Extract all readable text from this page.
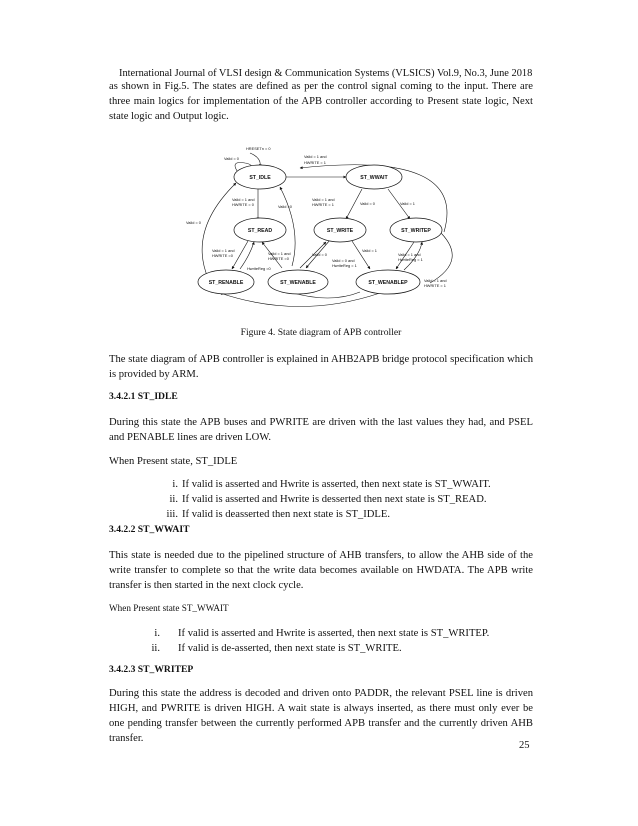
International Journal of VLSI design & Communication Systems (VLSICS) Vol.9, No.3, June 2018
as shown in Fig.5. The states are defined as per the control signal coming to the input. There are three main logics for implementation of the APB controller according to Present state logic, Next state logic and Output logic.
ST_IDLE	ST_WWAIT
ST_READ	ST_WRITE	ST_WRITEP
ST_RENABLE	ST_WENABLE	ST_WENABLEP
HRESETn = 0
Valid = 0	Valid = 1 and
HWRITE = 1
Valid = 1 and
HWRITE = 0	Valid =0
Valid = 0
Valid = 1 and
HWRITE = 1	Valid = 0	Valid = 1
Valid = 1 and
HWRITE =0	Valid = 1 and
HWRITE =0
HwriteReg =0
Valid = 0
Valid = 1
Valid = 0 and
HwriteReg = 1
Valid = 1 and
HwriteReg = 1
Valid = 1 and
HWRITE = 1
Figure 4. State diagram of APB controller
The state diagram of APB controller is explained in AHB2APB bridge protocol specification which is provided by ARM.
3.4.2.1 ST_IDLE
During this state the APB buses and PWRITE are driven with the last values they had, and PSEL and PENABLE lines are driven LOW.
When Present state, ST_IDLE
i. If valid is asserted and Hwrite is asserted, then next state is ST_WWAIT.
ii. If valid is asserted and Hwrite is desserted then next state is ST_READ.
iii. If valid is deasserted then next state is ST_IDLE.
3.4.2.2 ST_WWAIT
This state is needed due to the pipelined structure of AHB transfers, to allow the AHB side of the write transfer to complete so that the write data becomes available on HWDATA. The APB write transfer is then started in the next clock cycle.
When Present state ST_WWAIT
i. If valid is asserted and Hwrite is asserted, then next state is ST_WRITEP.
ii. If valid is de-asserted, then next state is ST_WRITE.
3.4.2.3 ST_WRITEP
During this state the address is decoded and driven onto PADDR, the relevant PSEL line is driven HIGH, and PWRITE is driven HIGH. A wait state is always inserted, as there must only ever be one pending transfer between the currently performed APB transfer and the currently driven AHB transfer.
25
